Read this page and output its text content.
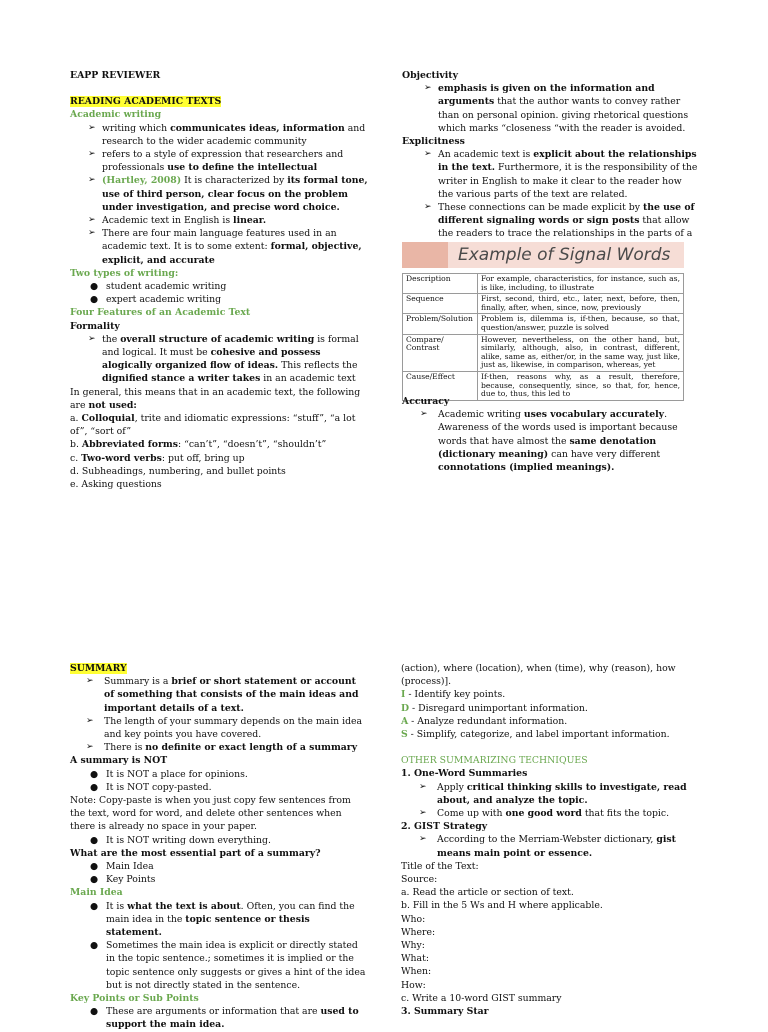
EAPP REVIEWER

READING ACADEMIC TEXTS

Academic writing

➢ writing which communicates ideas, information and research to the wider academic community
➢ refers to a style of expression that researchers and professionals use to define the intellectual
➢ (Hartley, 2008) It is characterized by its formal tone, use of third person, clear focus on the problem under investigation, and precise word choice.
➢ Academic text in English is linear.
➢ There are four main language features used in an academic text. It is to some extent: formal, objective, explicit, and accurate

Two types of writing:

● student academic writing
● expert academic writing

Four Features of an Academic Text

Formality

➢ the overall structure of academic writing is formal and logical. It must be cohesive and possess alogically organized flow of ideas. This reflects the dignified stance a writer takes in an academic text

In general, this means that in an academic text, the following are not used:

a. Colloquial, trite and idiomatic expressions: “stuff”, “a lot of”, “sort of”

b. Abbreviated forms: “can’t”, “doesn’t”, “shouldn’t”

c. Two-word verbs: put off, bring up

d. Subheadings, numbering, and bullet points

e. Asking questions

Objectivity

➢ emphasis is given on the information and arguments that the author wants to convey rather than on personal opinion. giving rhetorical questions which marks “closeness “with the reader is avoided.

Explicitness

➢ An academic text is explicit about the relationships in the text. Furthermore, it is the responsibility of the writer in English to make it clear to the reader how the various parts of the text are related.
➢ These connections can be made explicit by the use of different signaling words or sign posts that allow the readers to trace the relationships in the parts of a
Example of Signal Words
Description	For example, characteristics, for instance, such as, is like, including, to illustrate
Sequence	First, second, third, etc., later, next, before, then, finally, after, when, since, now, previously
Problem/Solution	Problem is, dilemma is, if-then, because, so that, question/answer, puzzle is solved
Compare/ Contrast	However, nevertheless, on the other hand, but, similarly, although, also, in contrast, different, alike, same as, either/or, in the same way, just like, just as, likewise, in comparison, whereas, yet
Cause/Effect	If-then, reasons why, as a result, therefore, because, consequently, since, so that, for, hence, due to, thus, this led to

Accuracy

➢ Academic writing uses vocabulary accurately. Awareness of the words used is important because words that have almost the same denotation (dictionary meaning) can have very different connotations (implied meanings).

SUMMARY

➢ Summary is a brief or short statement or account of something that consists of the main ideas and important details of a text.
➢ The length of your summary depends on the main idea and key points you have covered.
➢ There is no definite or exact length of a summary

A summary is NOT

● It is NOT a place for opinions.
● It is NOT copy-pasted.

Note: Copy-paste is when you just copy few sentences from the text, word for word, and delete other sentences when there is already no space in your paper.

● It is NOT writing down everything.

What are the most essential part of a summary?

● Main Idea
● Key Points

Main Idea

● It is what the text is about. Often, you can find the main idea in the topic sentence or thesis statement.
● Sometimes the main idea is explicit or directly stated in the topic sentence.; sometimes it is implied or the topic sentence only suggests or gives a hint of the idea but is not directly stated in the sentence.

Key Points or Sub Points

● These are arguments or information that are used to support the main idea.

(action), where (location), when (time), why (reason), how (process)].

I - Identify key points.

D - Disregard unimportant information.

A - Analyze redundant information.

S - Simplify, categorize, and label important information.

OTHER SUMMARIZING TECHNIQUES

1. One-Word Summaries

➢ Apply critical thinking skills to investigate, read about, and analyze the topic.
➢ Come up with one good word that fits the topic.

2. GIST Strategy

➢ According to the Merriam-Webster dictionary, gist means main point or essence.

Title of the Text:

Source:

a. Read the article or section of text.

b. Fill in the 5 Ws and H where applicable.

Who:

Where:

Why:

What:

When:

How:

c. Write a 10-word GIST summary

3. Summary Star
